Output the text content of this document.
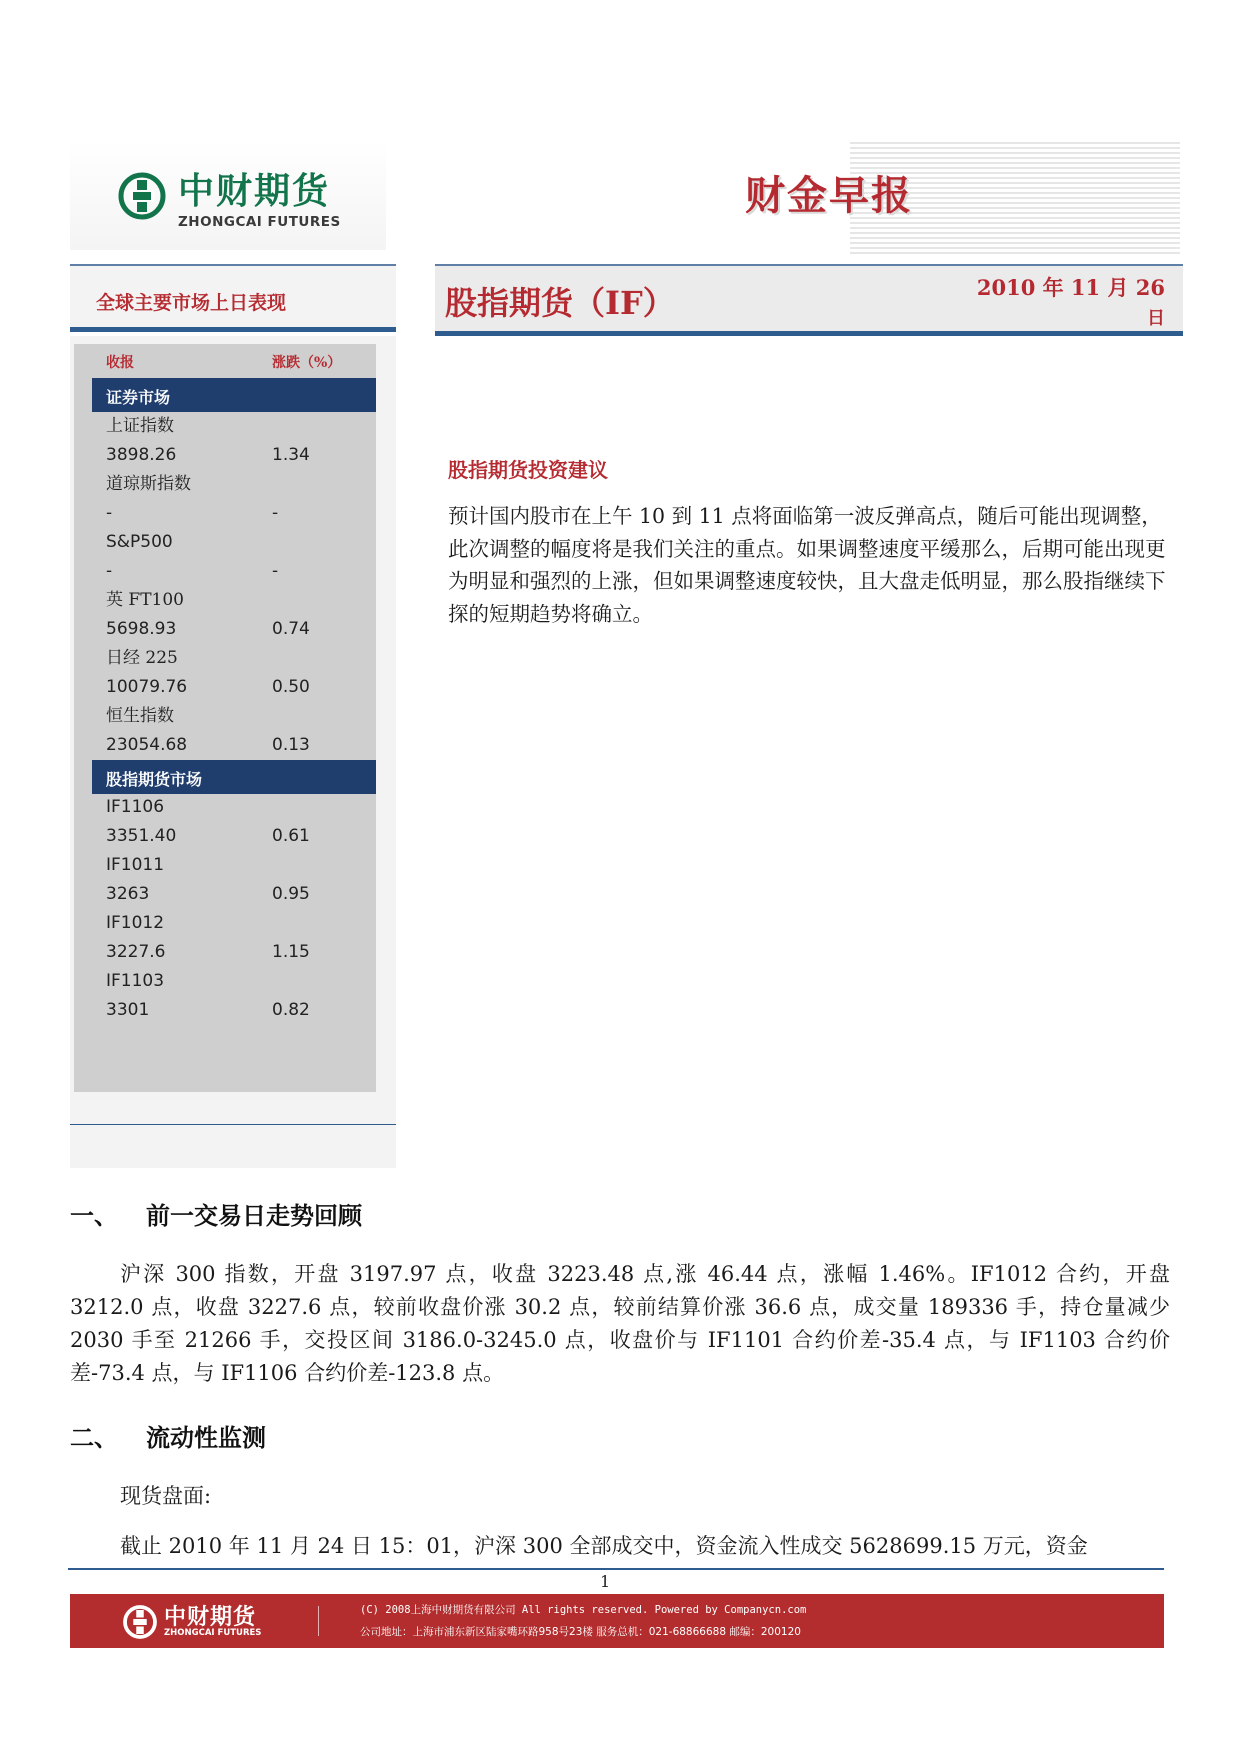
中财期货
ZHONGCAI FUTURES
财金早报
全球主要市场上日表现	股指期货（IF）	2010 年 11 月 26
日
收报	涨跌（%）
证券市场
上证指数
3898.26	1.34
道琼斯指数
-	-
S&P500
-	-
英 FT100
5698.93	0.74
日经 225
10079.76	0.50
恒生指数
23054.68	0.13
股指期货市场
IF1106
3351.40	0.61
IF1011
3263	0.95
IF1012
3227.6	1.15
IF1103
3301	0.82
股指期货投资建议
预计国内股市在上午 10 到 11 点将面临第一波反弹高点，随后可能出现调整，此次调整的幅度将是我们关注的重点。如果调整速度平缓那么，后期可能出现更为明显和强烈的上涨，但如果调整速度较快，且大盘走低明显，那么股指继续下探的短期趋势将确立。
一、 前一交易日走势回顾
沪深 300 指数，开盘 3197.97 点，收盘 3223.48 点,涨 46.44 点，涨幅 1.46%。IF1012 合约，开盘 3212.0 点，收盘 3227.6 点，较前收盘价涨 30.2 点，较前结算价涨 36.6 点，成交量 189336 手，持仓量减少 2030 手至 21266 手，交投区间 3186.0-3245.0 点，收盘价与 IF1101 合约价差-35.4 点，与 IF1103 合约价差-73.4 点，与 IF1106 合约价差-123.8 点。
二、 流动性监测
现货盘面:
截止 2010 年 11 月 24 日 15：01，沪深 300 全部成交中，资金流入性成交 5628699.15 万元，资金
1
中财期货
ZHONGCAI FUTURES
(C) 2008上海中财期货有限公司 All rights reserved. Powered by Companycn.com
公司地址：上海市浦东新区陆家嘴环路958号23楼 服务总机：021-68866688 邮编：200120
